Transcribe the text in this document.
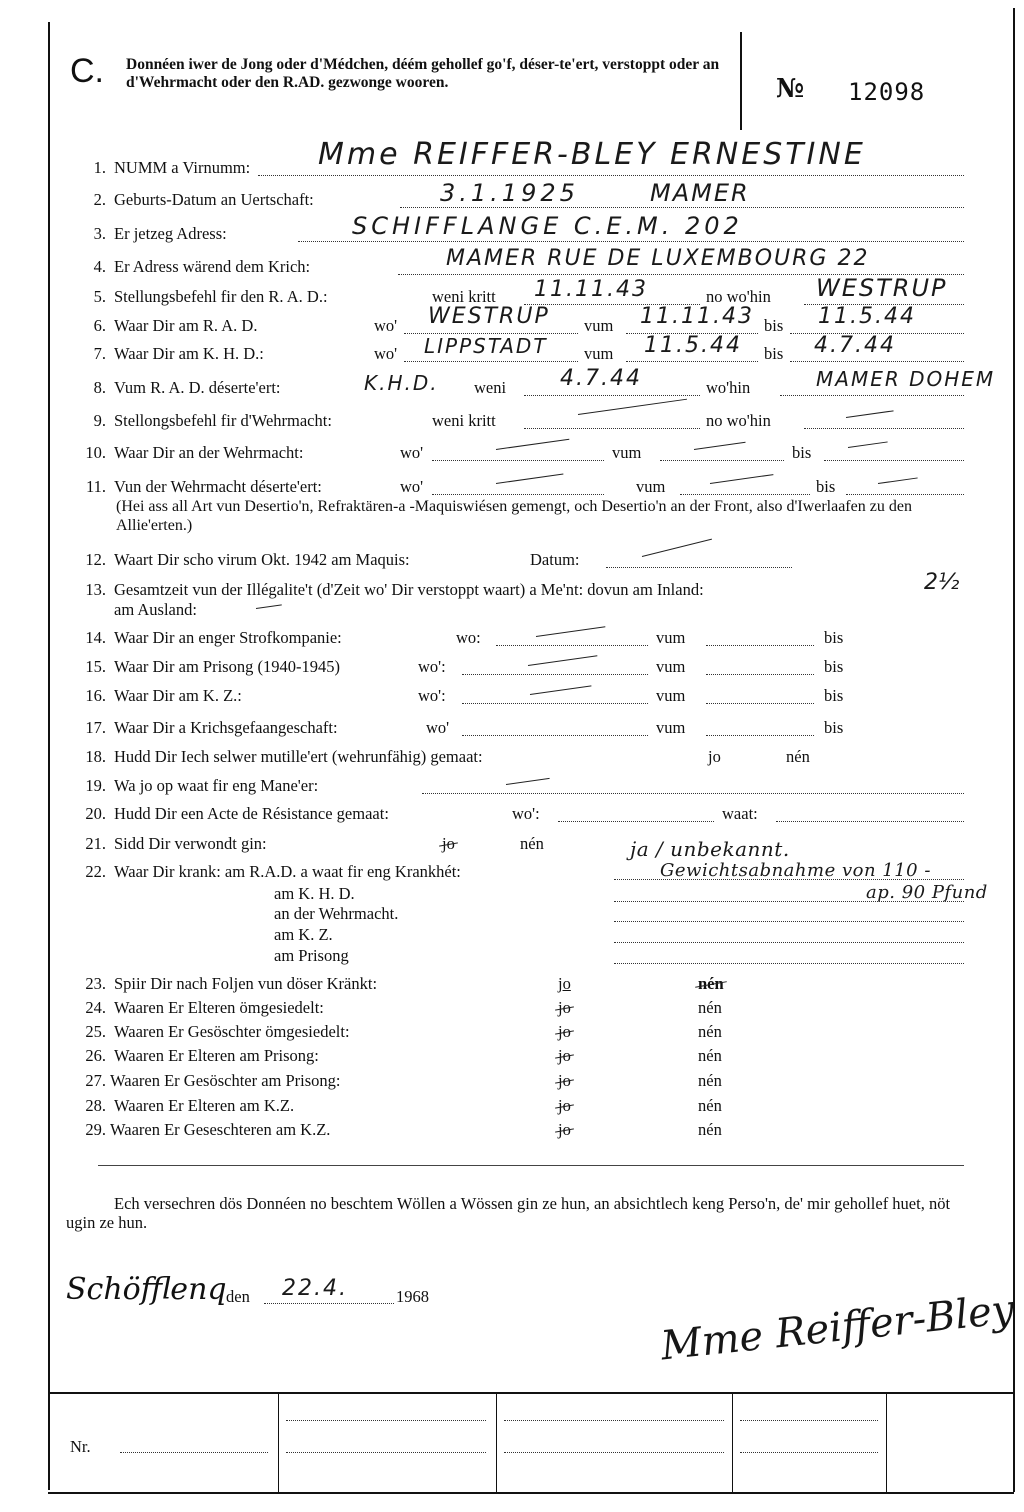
C. Donnéen iwer de Jong oder d'Médchen, déém gehollef go'f, déser-te'ert, verstoppt oder an d'Wehrmacht oder den R.AD. gezwonge wooren.	№ 12098
1. NUMM a Virnumm: Mme REIFFER-BLEY ERNESTINE
2. Geburts-Datum an Uertschaft:	3.1.1925	MAMER
3. Er jetzeg Adress:	SCHIFFLANGE C.E.M. 202
4. Er Adress wärend dem Krich:	MAMER RUE DE LUXEMBOURG 22
5. Stellungsbefehl fir den R. A. D.:	weni kritt 11.11.43	no wo'hin WESTRUP
6. Waar Dir am R. A. D.	wo' WESTRUP vum 11.11.43 bis 11.5.44
7. Waar Dir am K. H. D.:	wo' LIPPSTADT vum 11.5.44 bis 4.7.44
8. Vum R. A. D. déserte'ert:	K.H.D. weni 4.7.44	wo'hin	MAMER DOHEM
9. Stellongsbefehl fir d'Wehrmacht:	weni kritt	no wo'hin
10. Waar Dir an der Wehrmacht:	wo'	vum	bis
11. Vun der Wehrmacht déserte'ert:	wo'	vum	bis
(Hei ass all Art vun Desertio'n, Refraktären-a -Maquiswiésen gemengt, och Desertio'n an der Front, also d'Iwerlaafen zu den Allie'erten.)
12. Waart Dir scho virum Okt. 1942 am Maquis:	Datum:
13. Gesamtzeit vun der Illégalite't (d'Zeit wo' Dir verstoppt waart) a Me'nt: dovun am Inland:	2½
am Ausland:
14. Waar Dir an enger Strofkompanie:	wo:	vum	bis
15. Waar Dir am Prisong (1940-1945)	wo':	vum	bis
16. Waar Dir am K. Z.:	wo':	vum	bis
17. Waar Dir a Krichsgefaangeschaft:	wo'	vum	bis
18. Hudd Dir Iech selwer mutille'ert (wehrunfähig) gemaat:	jo	nén
19. Wa jo op waat fir eng Mane'er:
20. Hudd Dir een Acte de Résistance gemaat:	wo':	waat:
21. Sidd Dir verwondt gin:	jo	nén
22. Waar Dir krank: am R.A.D. a waat fir eng Krankhét:
ja / unbekannt.
Gewichtsabnahme von 110 -
am K. H. D.	ap. 90 Pfund
an der Wehrmacht.
am K. Z.
am Prisong
23. Spiir Dir nach Foljen vun döser Kränkt:	jo	nén
24. Waaren Er Elteren ömgesiedelt:	jo	nén
25. Waaren Er Gesöschter ömgesiedelt:	jo	nén
26. Waaren Er Elteren am Prisong:	jo	nén
27. Waaren Er Gesöschter am Prisong:	jo	nén
28. Waaren Er Elteren am K.Z.	jo	nén
29. Waaren Er Geseschteren am K.Z.	jo	nén
Ech versechren dös Donnéen no beschtem Wöllen a Wössen gin ze hun, an absichtlech keng Perso'n, de' mir gehollef huet, nöt ugin ze hun.
Schöfflenq den 22.4.	1968	Mme Reiffer-Bley
Nr.
